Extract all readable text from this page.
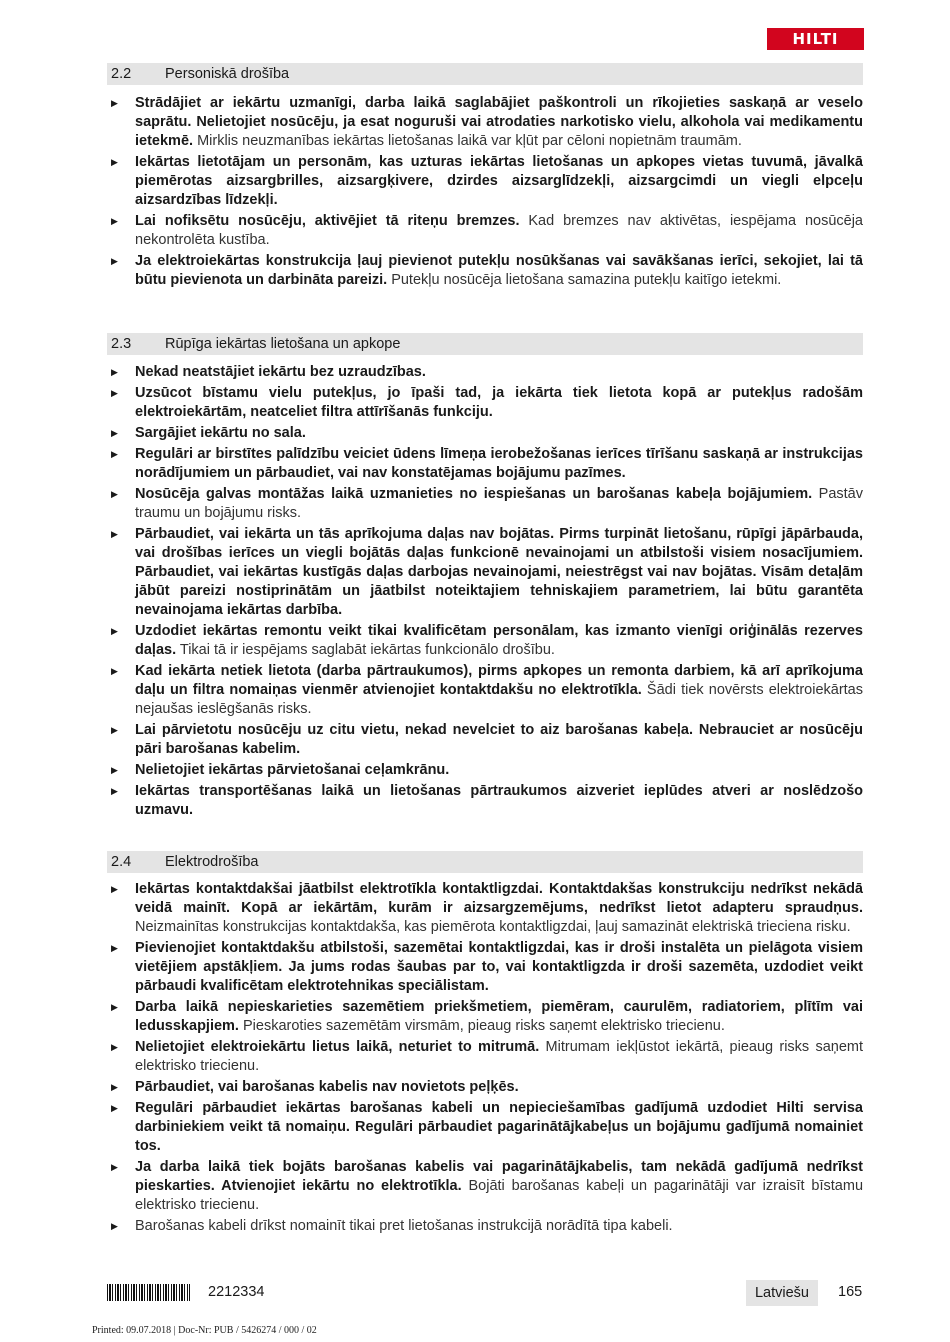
HILTI
2.2	Personiskā drošība
▶ Strādājiet ar iekārtu uzmanīgi, darba laikā saglabājiet paškontroli un rīkojieties saskaņā ar veselo saprātu. Nelietojiet nosūcēju, ja esat noguruši vai atrodaties narkotisko vielu, alkohola vai medikamentu ietekmē. Mirklis neuzmanības iekārtas lietošanas laikā var kļūt par cēloni nopietnām traumām.
▶ Iekārtas lietotājam un personām, kas uzturas iekārtas lietošanas un apkopes vietas tuvumā, jāvalkā piemērotas aizsargbrilles, aizsargķivere, dzirdes aizsarglīdzekļi, aizsargcimdi un viegli elpceļu aizsardzības līdzekļi.
▶ Lai nofiksētu nosūcēju, aktivējiet tā riteņu bremzes. Kad bremzes nav aktivētas, iespējama nosūcēja nekontrolēta kustība.
▶ Ja elektroiekārtas konstrukcija ļauj pievienot putekļu nosūkšanas vai savākšanas ierīci, sekojiet, lai tā būtu pievienota un darbināta pareizi. Putekļu nosūcēja lietošana samazina putekļu kaitīgo ietekmi.
2.3	Rūpīga iekārtas lietošana un apkope
▶ Nekad neatstājiet iekārtu bez uzraudzības.
▶ Uzsūcot bīstamu vielu putekļus, jo īpaši tad, ja iekārta tiek lietota kopā ar putekļus radošām elektroiekārtām, neatceliet filtra attīrīšanās funkciju.
▶ Sargājiet iekārtu no sala.
▶ Regulāri ar birstītes palīdzību veiciet ūdens līmeņa ierobežošanas ierīces tīrīšanu saskaņā ar instrukcijas norādījumiem un pārbaudiet, vai nav konstatējamas bojājumu pazīmes.
▶ Nosūcēja galvas montāžas laikā uzmanieties no iespiešanas un barošanas kabeļa bojājumiem. Pastāv traumu un bojājumu risks.
▶ Pārbaudiet, vai iekārta un tās aprīkojuma daļas nav bojātas. Pirms turpināt lietošanu, rūpīgi jāpārbauda, vai drošības ierīces un viegli bojātās daļas funkcionē nevainojami un atbilstoši visiem nosacījumiem. Pārbaudiet, vai iekārtas kustīgās daļas darbojas nevainojami, neiestrēgst vai nav bojātas. Visām detaļām jābūt pareizi nostiprinātām un jāatbilst noteiktajiem tehniskajiem parametriem, lai būtu garantēta nevainojama iekārtas darbība.
▶ Uzdodiet iekārtas remontu veikt tikai kvalificētam personālam, kas izmanto vienīgi oriģinālās rezerves daļas. Tikai tā ir iespējams saglabāt iekārtas funkcionālo drošību.
▶ Kad iekārta netiek lietota (darba pārtraukumos), pirms apkopes un remonta darbiem, kā arī aprīkojuma daļu un filtra nomaiņas vienmēr atvienojiet kontaktdakšu no elektrotīkla. Šādi tiek novērsts elektroiekārtas nejaušas ieslēgšanās risks.
▶ Lai pārvietotu nosūcēju uz citu vietu, nekad nevelciet to aiz barošanas kabeļa. Nebrauciet ar nosūcēju pāri barošanas kabelim.
▶ Nelietojiet iekārtas pārvietošanai ceļamkrānu.
▶ Iekārtas transportēšanas laikā un lietošanas pārtraukumos aizveriet ieplūdes atveri ar noslēdzošo uzmavu.
2.4	Elektrodrošība
▶ Iekārtas kontaktdakšai jāatbilst elektrotīkla kontaktligzdai. Kontaktdakšas konstrukciju nedrīkst nekādā veidā mainīt. Kopā ar iekārtām, kurām ir aizsargzemējums, nedrīkst lietot adapteru spraudņus. Neizmainītas konstrukcijas kontaktdakša, kas piemērota kontaktligzdai, ļauj samazināt elektriskā trieciena risku.
▶ Pievienojiet kontaktdakšu atbilstoši, sazemētai kontaktligzdai, kas ir droši instalēta un pielāgota visiem vietējiem apstākļiem. Ja jums rodas šaubas par to, vai kontaktligzda ir droši sazemēta, uzdodiet veikt pārbaudi kvalificētam elektrotehnikas speciālistam.
▶ Darba laikā nepieskarieties sazemētiem priekšmetiem, piemēram, caurulēm, radiatoriem, plītīm vai ledusskapjiem. Pieskaroties sazemētām virsmām, pieaug risks saņemt elektrisko triecienu.
▶ Nelietojiet elektroiekārtu lietus laikā, neturiet to mitrumā. Mitrumam iekļūstot iekārtā, pieaug risks saņemt elektrisko triecienu.
▶ Pārbaudiet, vai barošanas kabelis nav novietots peļķēs.
▶ Regulāri pārbaudiet iekārtas barošanas kabeli un nepieciešamības gadījumā uzdodiet Hilti servisa darbiniekiem veikt tā nomaiņu. Regulāri pārbaudiet pagarinātājkabeļus un bojājumu gadījumā nomainiet tos.
▶ Ja darba laikā tiek bojāts barošanas kabelis vai pagarinātājkabelis, tam nekādā gadījumā nedrīkst pieskarties. Atvienojiet iekārtu no elektrotīkla. Bojāti barošanas kabeļi un pagarinātāji var izraisīt bīstamu elektrisko triecienu.
▶ Barošanas kabeli drīkst nomainīt tikai pret lietošanas instrukcijā norādītā tipa kabeli.
2212334	Latviešu 165
Printed: 09.07.2018 | Doc-Nr: PUB / 5426274 / 000 / 02
